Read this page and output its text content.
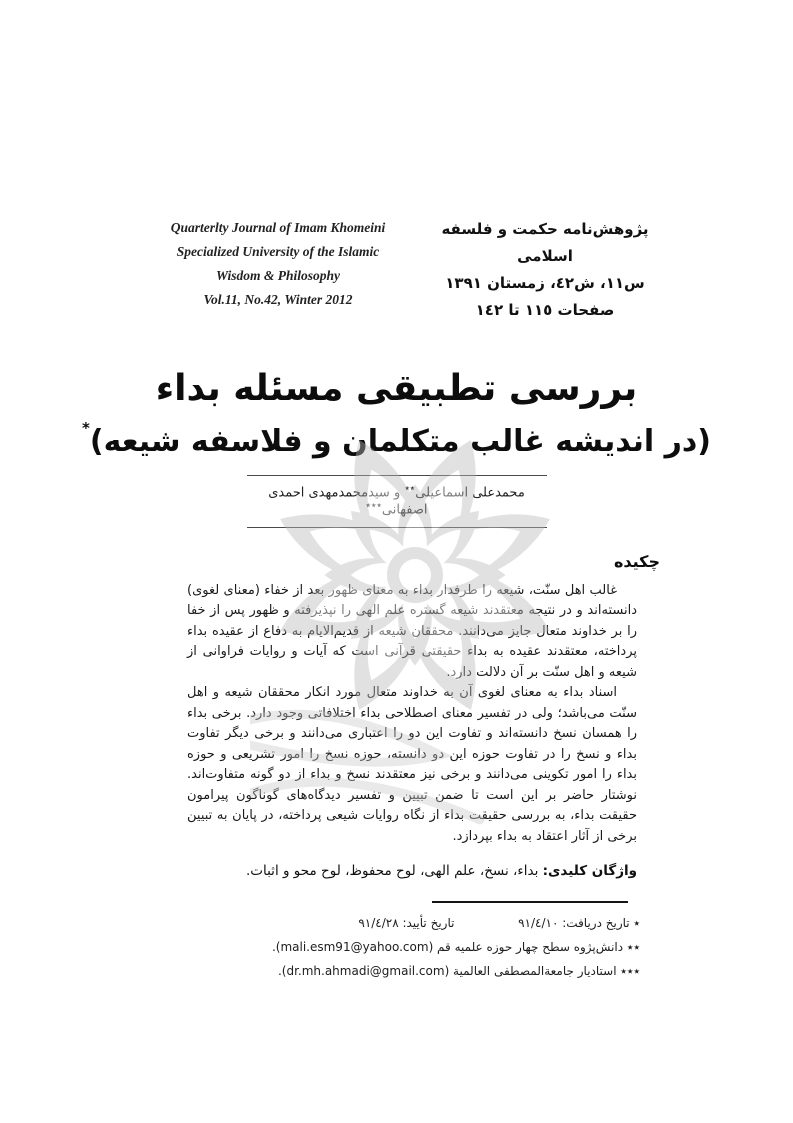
Quarterlty Journal of Imam Khomeini
Specialized University of the Islamic
Wisdom & Philosophy
Vol.11, No.42, Winter 2012
پژوهش‌نامه حکمت و فلسفه اسلامی
س١١، ش٤٢، زمستان ١٣٩١
صفحات ١١٥ تا ١٤٢
بررسی تطبیقی مسئله بداء
(در اندیشه غالب متکلمان و فلاسفه شیعه)*
محمدعلی اسماعیلی٭٭ و سیدمحمدمهدی احمدی اصفهانی٭٭٭
چکیده

غالب اهل سنّت، شیعه را طرفدار بداء به معنای ظهور بعد از خفاء (معنای لغوی) دانسته‌اند و در نتیجه معتقدند شیعه گستره علم الهی را نپذیرفته و ظهور پس از خفا را بر خداوند متعال جایز می‌دانند. محققان شیعه از قدیم‌الایام به دفاع از عقیده بداء پرداخته، معتقدند عقیده به بداء حقیقتی قرآنی است که آیات و روایات فراوانی از شیعه و اهل سنّت بر آن دلالت دارد.

اسناد بداء به معنای لغوی آن به خداوند متعال مورد انکار محققان شیعه و اهل سنّت می‌باشد؛ ولی در تفسیر معنای اصطلاحی بداء اختلافاتی وجود دارد. برخی بداء را همسان نسخ دانسته‌اند و تفاوت این دو را اعتباری می‌دانند و برخی دیگر تفاوت بداء و نسخ را در تفاوت حوزه این دو دانسته، حوزه نسخ را امور تشریعی و حوزه بداء را امور تکوینی می‌دانند و برخی نیز معتقدند نسخ و بداء از دو گونه متفاوت‌اند. نوشتار حاضر بر این است تا ضمن تبیین و تفسیر دیدگاه‌های گوناگون پیرامون حقیقت بداء، به بررسی حقیقت بداء از نگاه روایات شیعی پرداخته، در پایان به تبیین برخی از آثار اعتقاد به بداء بپردازد.

واژگان کلیدی: بداء، نسخ، علم الهی، لوح محفوظ، لوح محو و اثبات.
٭ تاریخ دریافت: ٩١/٤/١٠  تاریخ تأیید: ٩١/٤/٢٨
٭٭ دانش‌پژوه سطح چهار حوزه علمیه قم (mali.esm91@yahoo.com).
٭٭٭ استادیار جامعةالمصطفی العالمیة (dr.mh.ahmadi@gmail.com).
